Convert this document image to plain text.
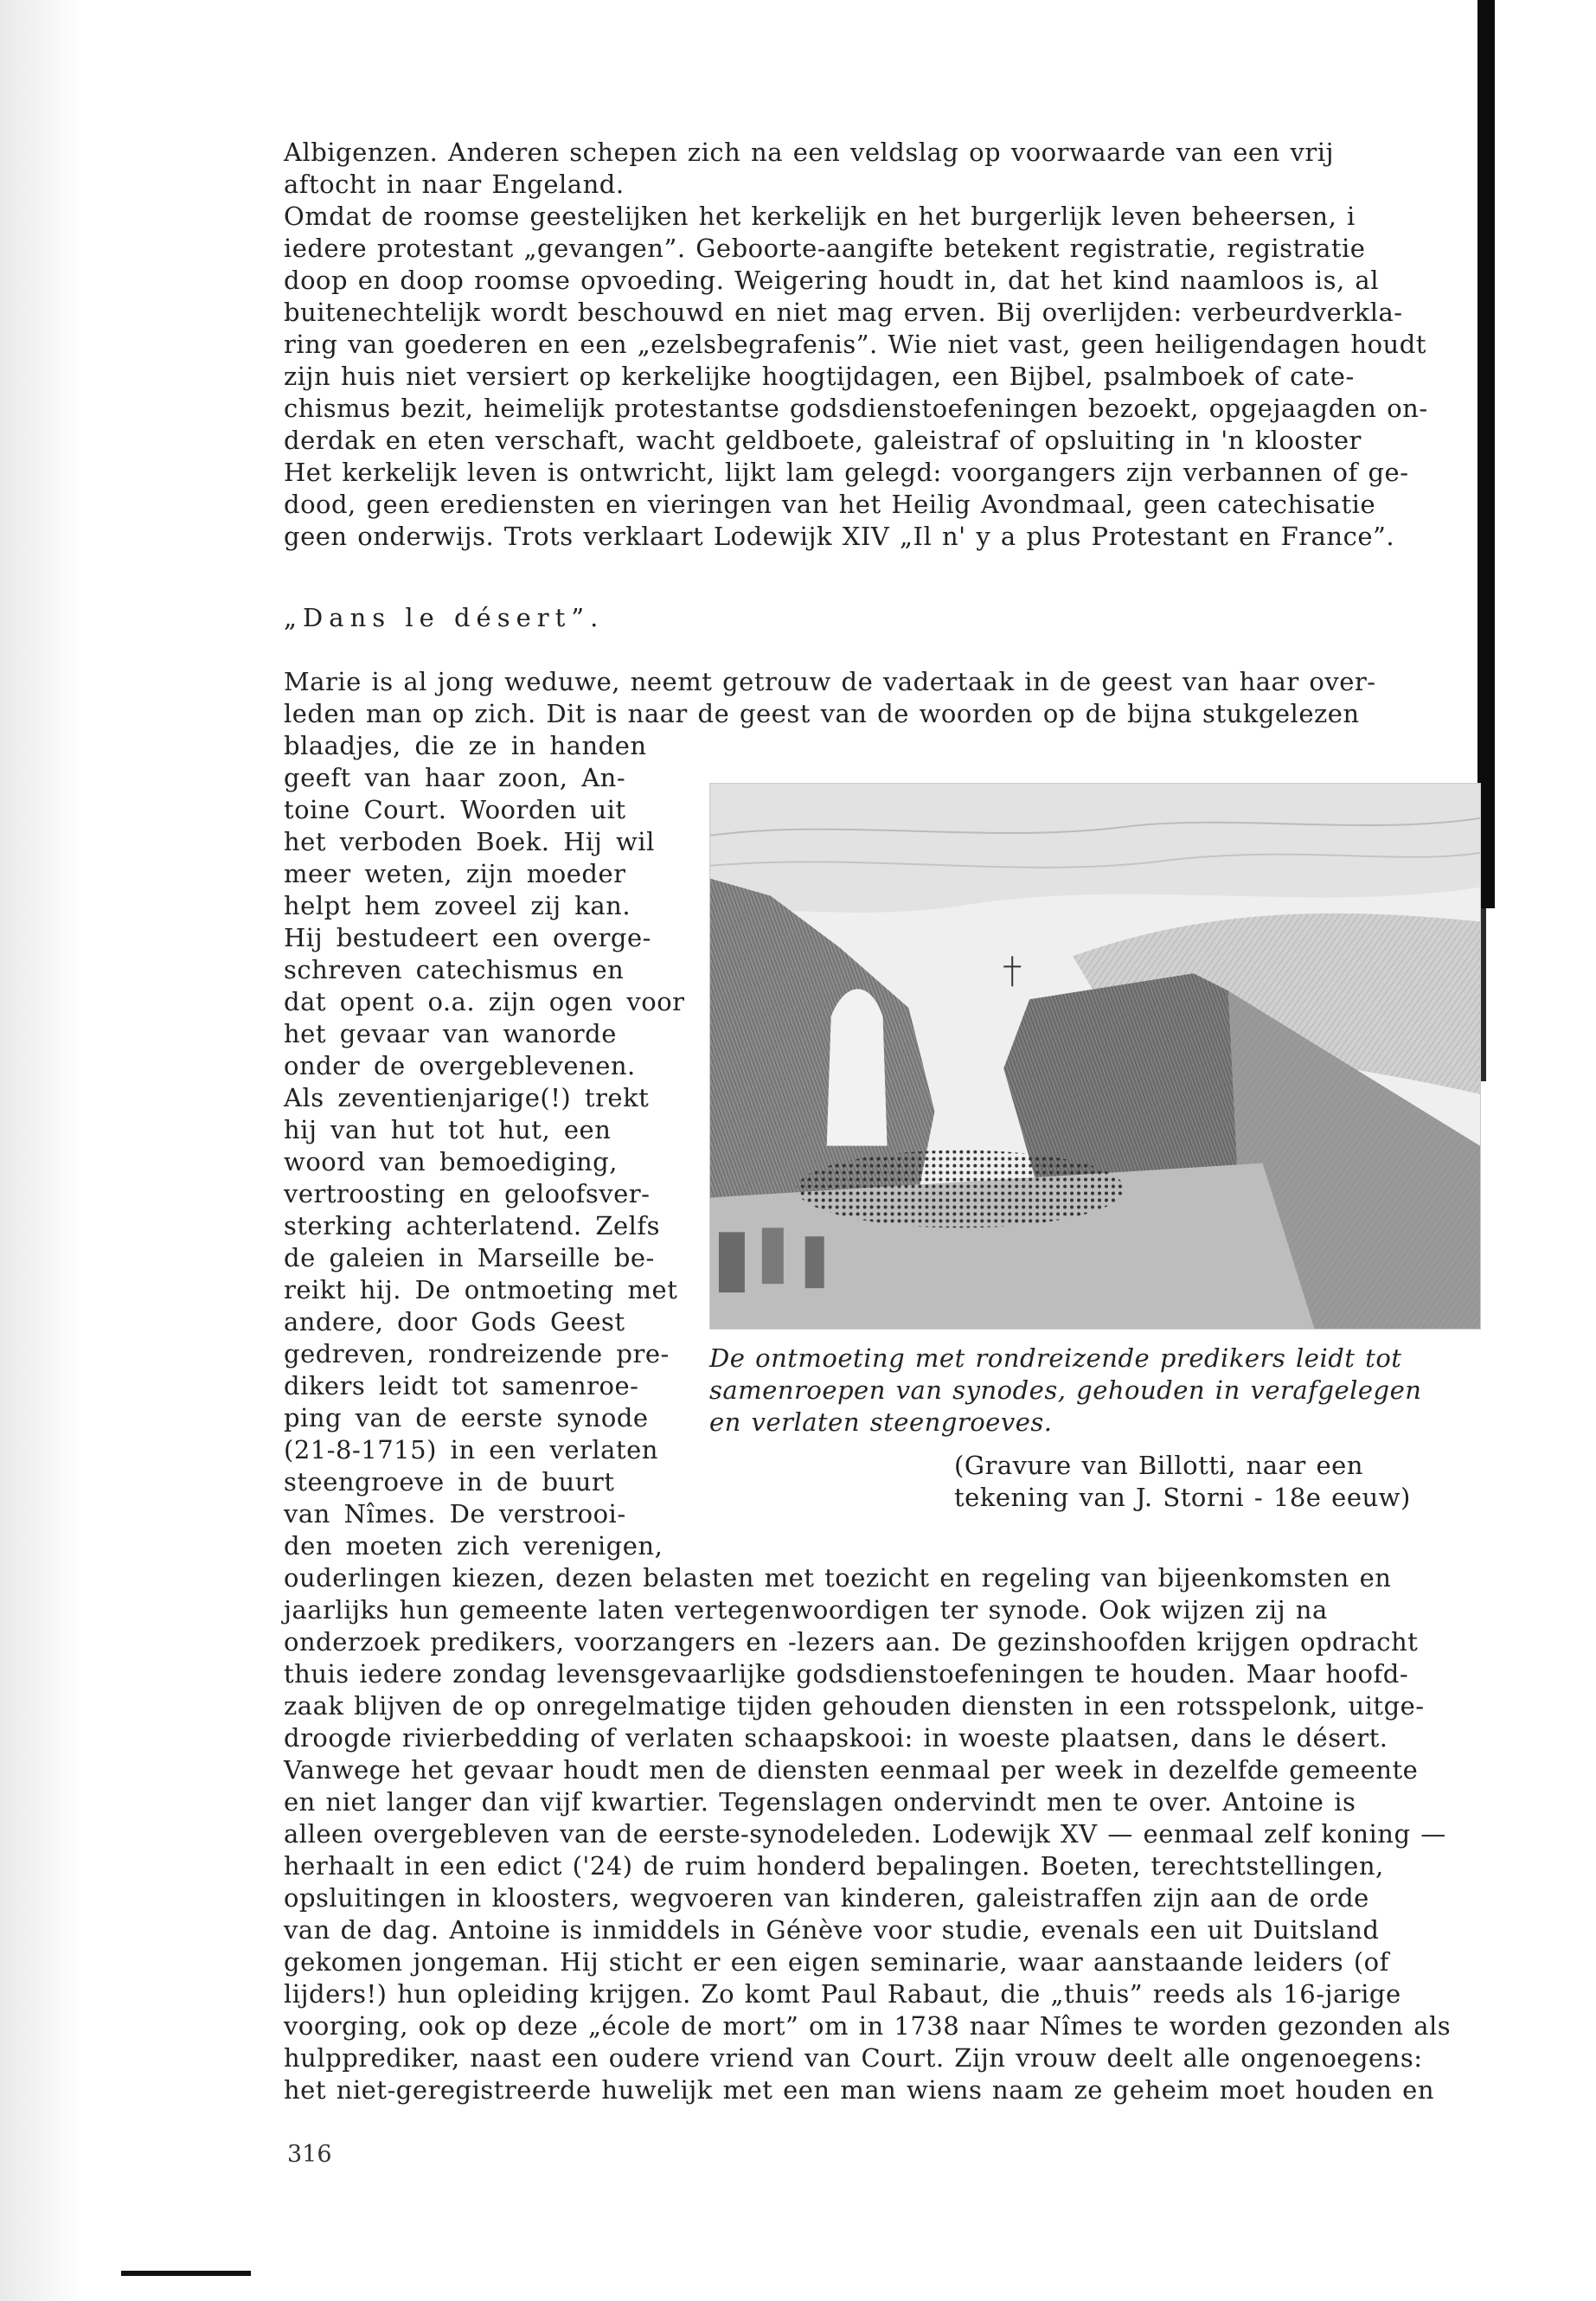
Albigenzen. Anderen schepen zich na een veldslag op voorwaarde van een vrij
aftocht in naar Engeland.
Omdat de roomse geestelijken het kerkelijk en het burgerlijk leven beheersen, i
iedere protestant „gevangen”. Geboorte-aangifte betekent registratie, registratie
doop en doop roomse opvoeding. Weigering houdt in, dat het kind naamloos is, al
buitenechtelijk wordt beschouwd en niet mag erven. Bij overlijden: verbeurdverkla-
ring van goederen en een „ezelsbegrafenis”. Wie niet vast, geen heiligendagen houdt
zijn huis niet versiert op kerkelijke hoogtijdagen, een Bijbel, psalmboek of cate-
chismus bezit, heimelijk protestantse godsdienstoefeningen bezoekt, opgejaagden on-
derdak en eten verschaft, wacht geldboete, galeistraf of opsluiting in 'n klooster
Het kerkelijk leven is ontwricht, lijkt lam gelegd: voorgangers zijn verbannen of ge-
dood, geen erediensten en vieringen van het Heilig Avondmaal, geen catechisatie
geen onderwijs. Trots verklaart Lodewijk XIV „Il n' y a plus Protestant en France”.
„Dans le désert”.
Marie is al jong weduwe, neemt getrouw de vadertaak in de geest van haar over-
leden man op zich. Dit is naar de geest van de woorden op de bijna stukgelezen
blaadjes, die ze in handen
geeft van haar zoon, An-
toine Court. Woorden uit
het verboden Boek. Hij wil
meer weten, zijn moeder
helpt hem zoveel zij kan.
Hij bestudeert een overge-
schreven catechismus en
dat opent o.a. zijn ogen voor
het gevaar van wanorde
onder de overgeblevenen.
Als zeventienjarige(!) trekt
hij van hut tot hut, een
woord van bemoediging,
vertroosting en geloofsver-
sterking achterlatend. Zelfs
de galeien in Marseille be-
reikt hij. De ontmoeting met
andere, door Gods Geest
gedreven, rondreizende pre-
dikers leidt tot samenroe-
ping van de eerste synode
(21-8-1715) in een verlaten
steengroeve in de buurt
van Nîmes. De verstrooi-
den moeten zich verenigen,
De ontmoeting met rondreizende predikers leidt tot
samenroepen van synodes, gehouden in verafgelegen
en verlaten steengroeves.
(Gravure van Billotti, naar een
tekening van J. Storni - 18e eeuw)
ouderlingen kiezen, dezen belasten met toezicht en regeling van bijeenkomsten en
jaarlijks hun gemeente laten vertegenwoordigen ter synode. Ook wijzen zij na
onderzoek predikers, voorzangers en -lezers aan. De gezinshoofden krijgen opdracht
thuis iedere zondag levensgevaarlijke godsdienstoefeningen te houden. Maar hoofd-
zaak blijven de op onregelmatige tijden gehouden diensten in een rotsspelonk, uitge-
droogde rivierbedding of verlaten schaapskooi: in woeste plaatsen, dans le désert.
Vanwege het gevaar houdt men de diensten eenmaal per week in dezelfde gemeente
en niet langer dan vijf kwartier. Tegenslagen ondervindt men te over. Antoine is
alleen overgebleven van de eerste-synodeleden. Lodewijk XV — eenmaal zelf koning —
herhaalt in een edict ('24) de ruim honderd bepalingen. Boeten, terechtstellingen,
opsluitingen in kloosters, wegvoeren van kinderen, galeistraffen zijn aan de orde
van de dag. Antoine is inmiddels in Génève voor studie, evenals een uit Duitsland
gekomen jongeman. Hij sticht er een eigen seminarie, waar aanstaande leiders (of
lijders!) hun opleiding krijgen. Zo komt Paul Rabaut, die „thuis” reeds als 16-jarige
voorging, ook op deze „école de mort” om in 1738 naar Nîmes te worden gezonden als
hulpprediker, naast een oudere vriend van Court. Zijn vrouw deelt alle ongenoegens:
het niet-geregistreerde huwelijk met een man wiens naam ze geheim moet houden en
316
